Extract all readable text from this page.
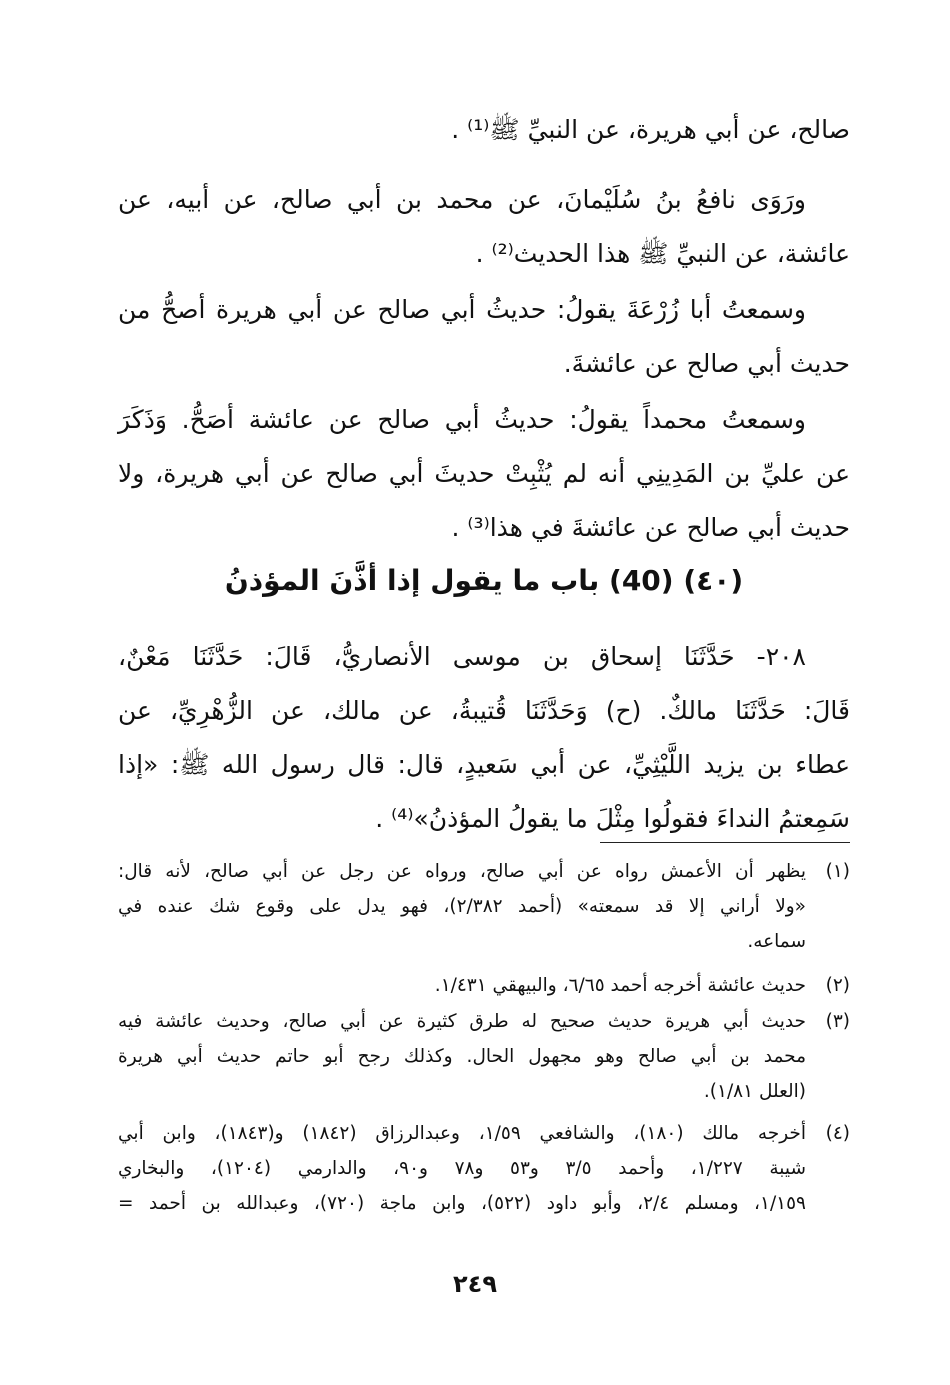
صالح، عن أبي هريرة، عن النبيِّ ﷺ⁽¹⁾ .

ورَوَى نافعُ بنُ سُلَيْمانَ، عن محمد بن أبي صالح، عن أبيه، عن
عائشة، عن النبيِّ ﷺ هذا الحديث⁽²⁾ .

وسمعتُ أبا زُرْعَةَ يقولُ: حديثُ أبي صالح عن أبي هريرة أصحُّ من
حديث أبي صالح عن عائشةَ.

وسمعتُ محمداً يقولُ: حديثُ أبي صالح عن عائشة أصَحُّ. وَذَكَرَ
عن عليِّ بن المَدِينِي أنه لم يُثْبِتْ حديثَ أبي صالح عن أبي هريرة، ولا
حديث أبي صالح عن عائشةَ في هذا⁽³⁾ .

(٤٠) (40) باب ما يقول إذا أذَّنَ المؤذنُ

٢٠٨- حَدَّثَنَا إسحاق بن موسى الأنصاريُّ، قَالَ: حَدَّثَنَا مَعْنٌ،
قَالَ: حَدَّثَنَا مالكٌ. (ح) وَحَدَّثَنَا قُتيبةُ، عن مالك، عن الزُّهْرِيِّ، عن
عطاء بن يزيد اللَّيْثِيِّ، عن أبي سَعيدٍ، قال: قال رسول الله ﷺ: «إذا
سَمِعتمُ النداءَ فقولُوا مِثْلَ ما يقولُ المؤذنُ»⁽⁴⁾ .

(١)يظهر أن الأعمش رواه عن أبي صالح، ورواه عن رجل عن أبي صالح، لأنه قال:
«ولا أراني إلا قد سمعته» (أحمد ٢/٣٨٢)، فهو يدل على وقوع شك عنده في
سماعه.
(٢)حديث عائشة أخرجه أحمد ٦/٦٥، والبيهقي ١/٤٣١.
(٣)حديث أبي هريرة حديث صحيح له طرق كثيرة عن أبي صالح، وحديث عائشة فيه
محمد بن أبي صالح وهو مجهول الحال. وكذلك رجح أبو حاتم حديث أبي هريرة
(العلل ١/٨١).
(٤)أخرجه مالك (١٨٠)، والشافعي ١/٥٩، وعبدالرزاق (١٨٤٢) و(١٨٤٣)، وابن أبي
شيبة ١/٢٢٧، وأحمد ٣/٥ و٥٣ و٧٨ و٩٠، والدارمي (١٢٠٤)، والبخاري
١/١٥٩، ومسلم ٢/٤، وأبو داود (٥٢٢)، وابن ماجة (٧٢٠)، وعبدالله بن أحمد =
٢٤٩
